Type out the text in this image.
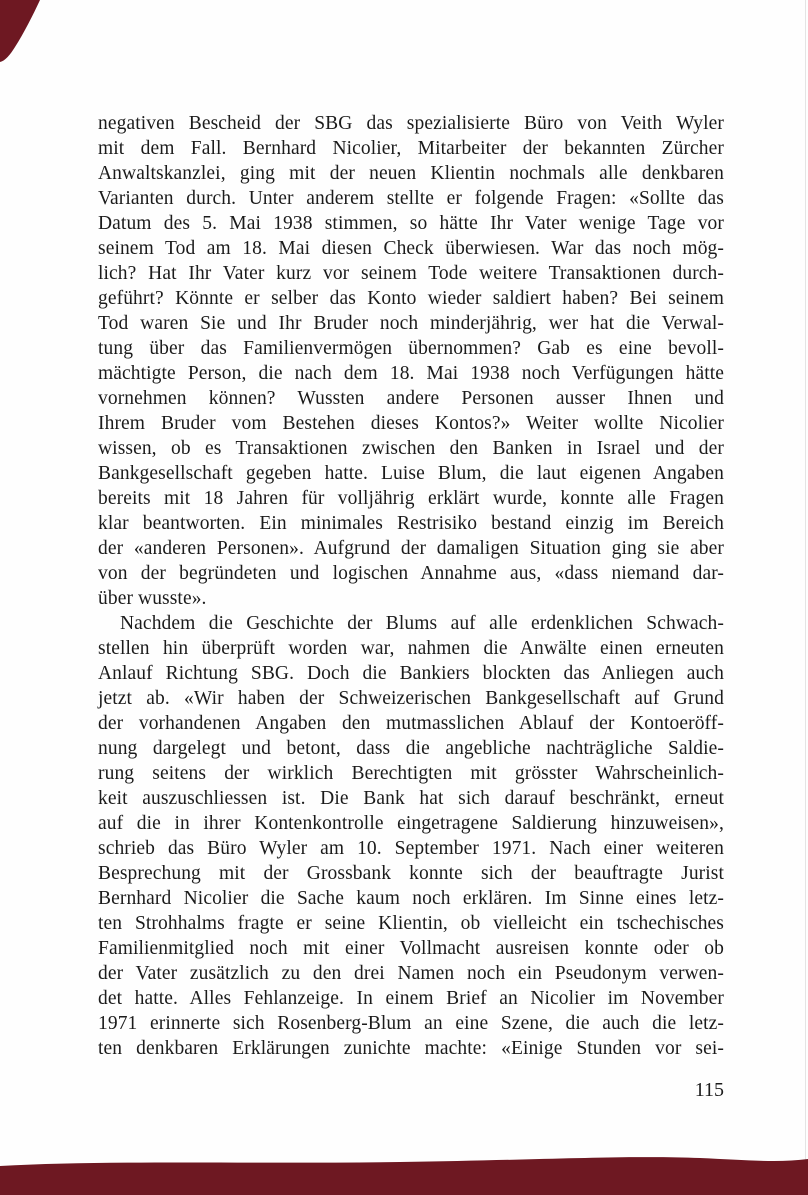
negativen Bescheid der SBG das spezialisierte Büro von Veith Wyler
mit dem Fall. Bernhard Nicolier, Mitarbeiter der bekannten Zürcher
Anwaltskanzlei, ging mit der neuen Klientin nochmals alle denkbaren
Varianten durch. Unter anderem stellte er folgende Fragen: «Sollte das
Datum des 5. Mai 1938 stimmen, so hätte Ihr Vater wenige Tage vor
seinem Tod am 18. Mai diesen Check überwiesen. War das noch mög-
lich? Hat Ihr Vater kurz vor seinem Tode weitere Transaktionen durch-
geführt? Könnte er selber das Konto wieder saldiert haben? Bei seinem
Tod waren Sie und Ihr Bruder noch minderjährig, wer hat die Verwal-
tung über das Familienvermögen übernommen? Gab es eine bevoll-
mächtigte Person, die nach dem 18. Mai 1938 noch Verfügungen hätte
vornehmen können? Wussten andere Personen ausser Ihnen und
Ihrem Bruder vom Bestehen dieses Kontos?» Weiter wollte Nicolier
wissen, ob es Transaktionen zwischen den Banken in Israel und der
Bankgesellschaft gegeben hatte. Luise Blum, die laut eigenen Angaben
bereits mit 18 Jahren für volljährig erklärt wurde, konnte alle Fragen
klar beantworten. Ein minimales Restrisiko bestand einzig im Bereich
der «anderen Personen». Aufgrund der damaligen Situation ging sie aber
von der begründeten und logischen Annahme aus, «dass niemand dar-
über wusste».
Nachdem die Geschichte der Blums auf alle erdenklichen Schwach-
stellen hin überprüft worden war, nahmen die Anwälte einen erneuten
Anlauf Richtung SBG. Doch die Bankiers blockten das Anliegen auch
jetzt ab. «Wir haben der Schweizerischen Bankgesellschaft auf Grund
der vorhandenen Angaben den mutmasslichen Ablauf der Kontoeröff-
nung dargelegt und betont, dass die angebliche nachträgliche Saldie-
rung seitens der wirklich Berechtigten mit grösster Wahrscheinlich-
keit auszuschliessen ist. Die Bank hat sich darauf beschränkt, erneut
auf die in ihrer Kontenkontrolle eingetragene Saldierung hinzuweisen»,
schrieb das Büro Wyler am 10. September 1971. Nach einer weiteren
Besprechung mit der Grossbank konnte sich der beauftragte Jurist
Bernhard Nicolier die Sache kaum noch erklären. Im Sinne eines letz-
ten Strohhalms fragte er seine Klientin, ob vielleicht ein tschechisches
Familienmitglied noch mit einer Vollmacht ausreisen konnte oder ob
der Vater zusätzlich zu den drei Namen noch ein Pseudonym verwen-
det hatte. Alles Fehlanzeige. In einem Brief an Nicolier im November
1971 erinnerte sich Rosenberg-Blum an eine Szene, die auch die letz-
ten denkbaren Erklärungen zunichte machte: «Einige Stunden vor sei-
115
